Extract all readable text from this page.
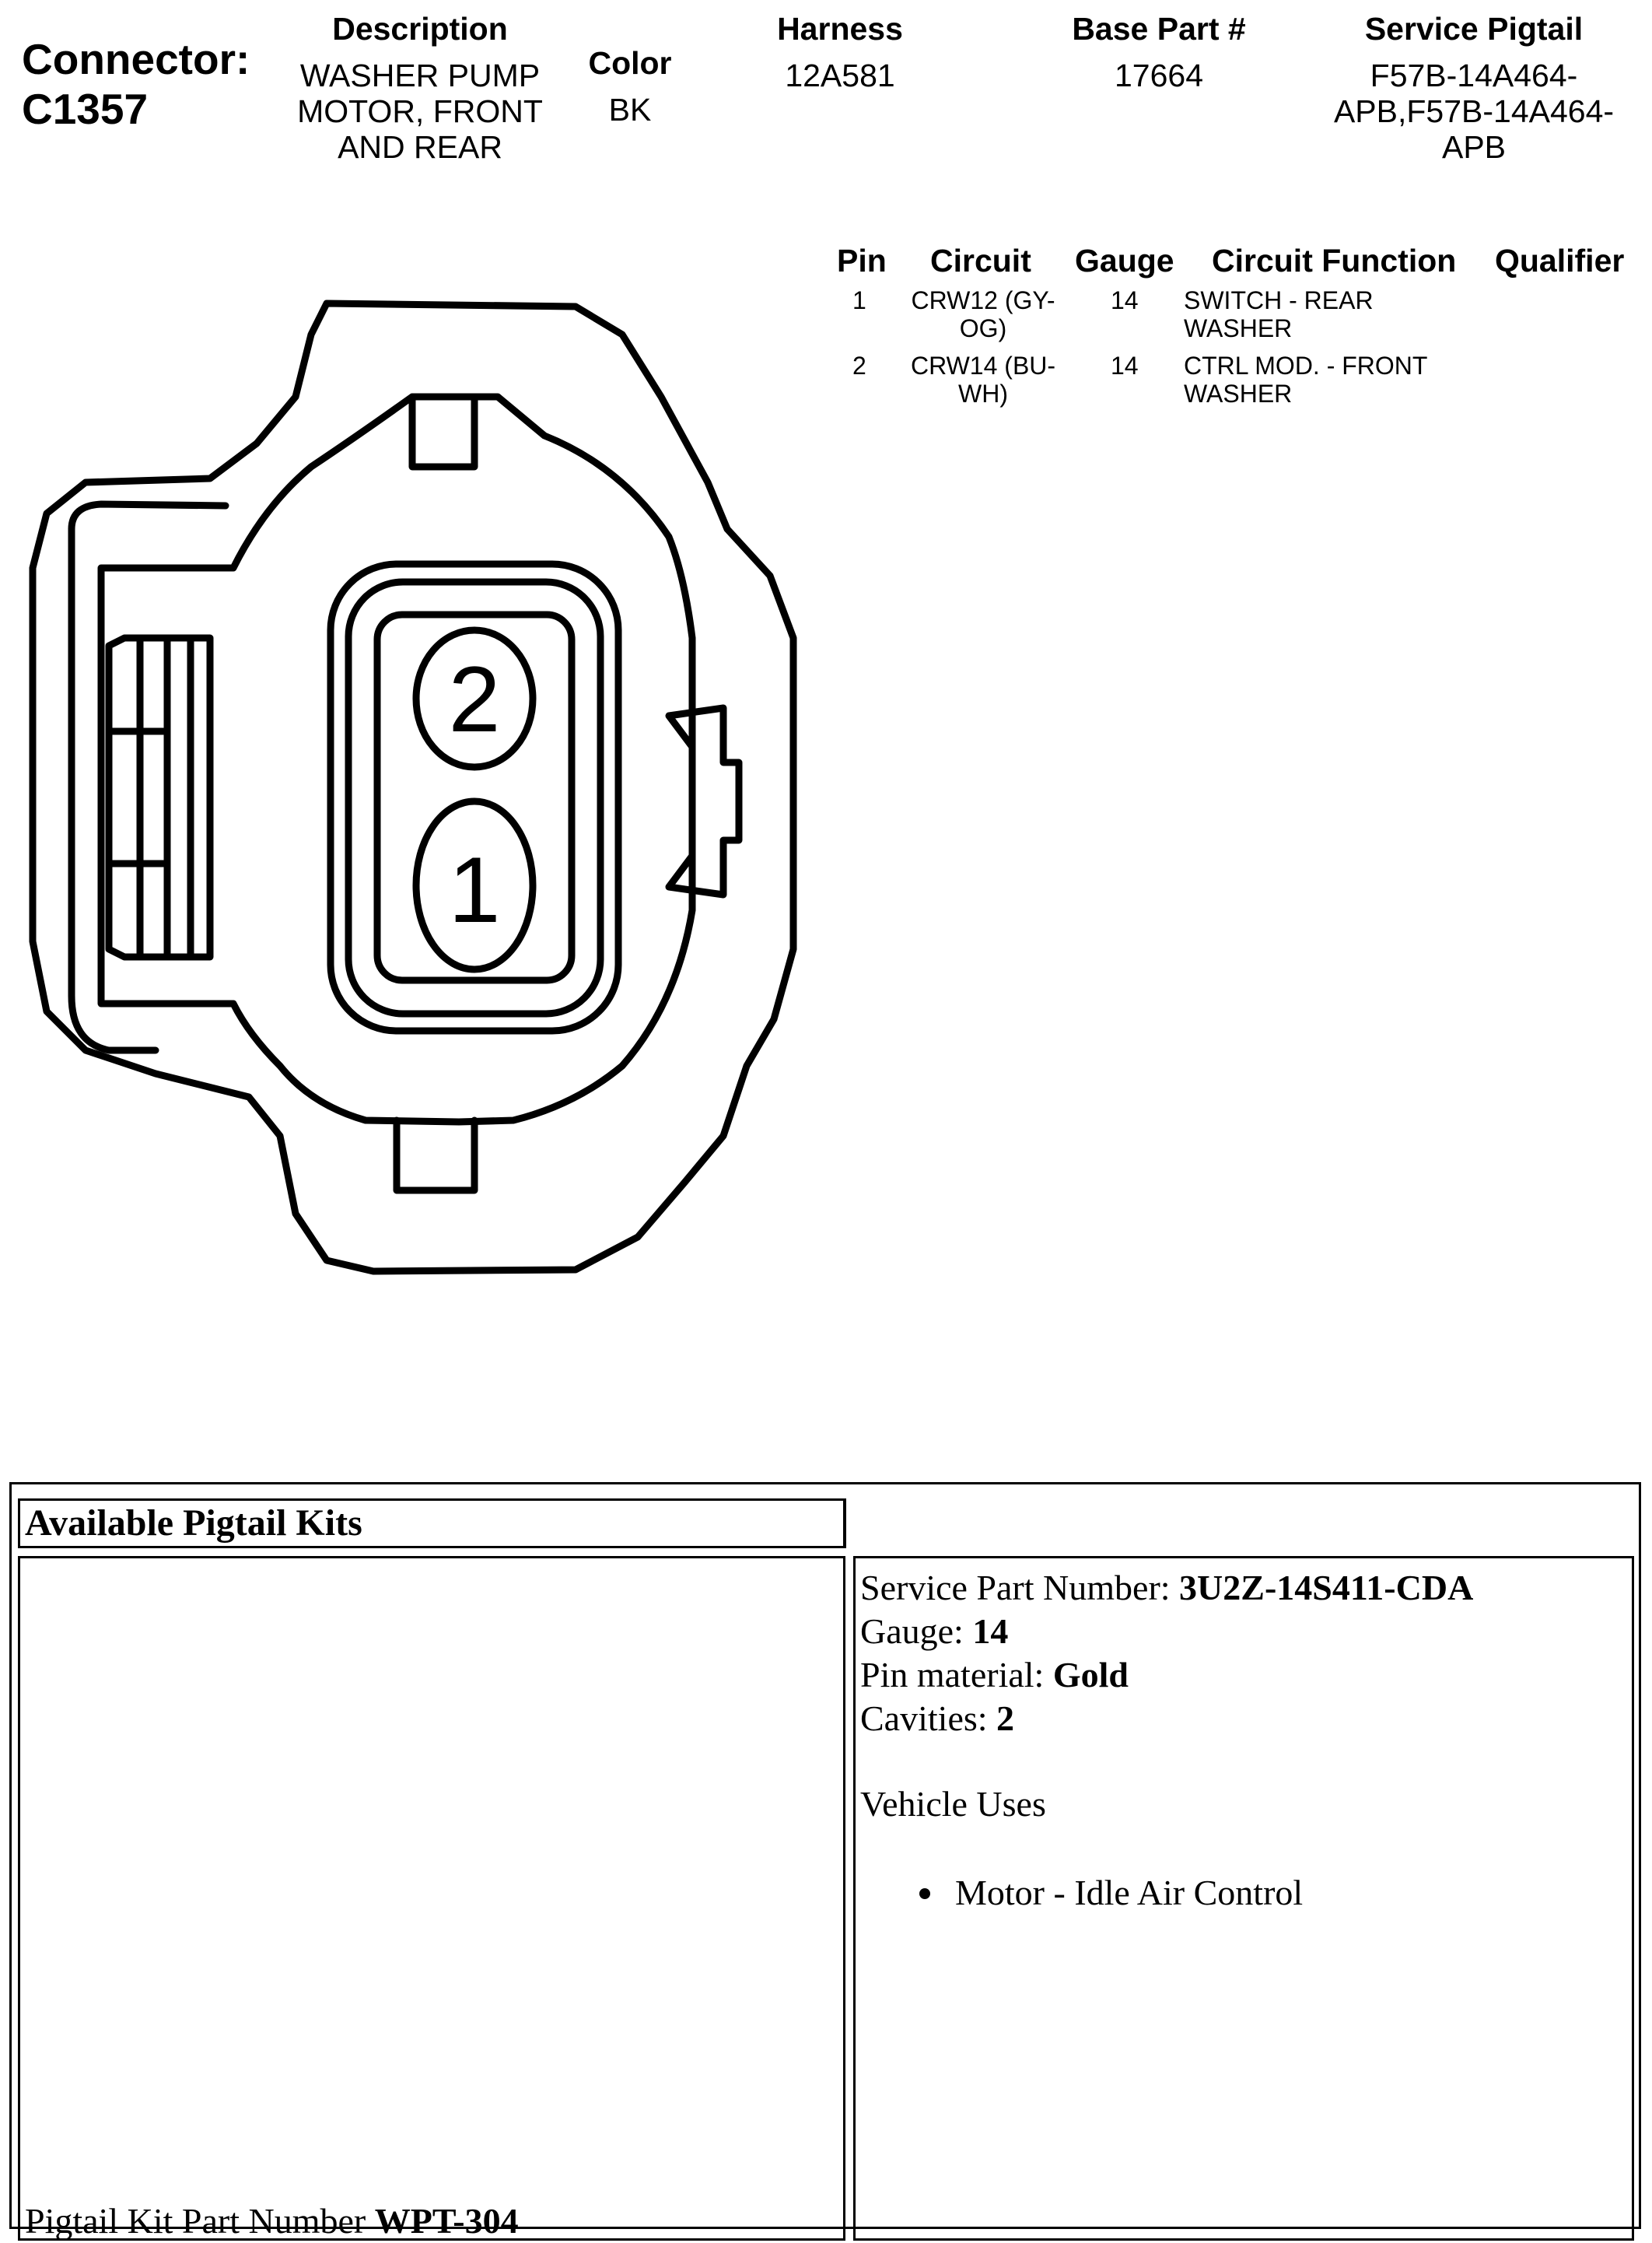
Connector:
C1357
Description
WASHER PUMP
MOTOR, FRONT
AND REAR
Color
BK
Harness
12A581
Base Part #
17664
Service Pigtail
F57B-14A464-
APB,F57B-14A464-
APB
Pin Circuit Gauge Circuit Function Qualifier
1 CRW12 (GY-
OG)
14 SWITCH - REAR
WASHER
2 CRW14 (BU-
WH)
14 CTRL MOD. - FRONT
WASHER
2
1
Available Pigtail Kits
Pigtail Kit Part Number WPT-304
Service Part Number: 3U2Z-14S411-CDA
Gauge: 14
Pin material: Gold
Cavities: 2
Vehicle Uses
Motor - Idle Air Control
